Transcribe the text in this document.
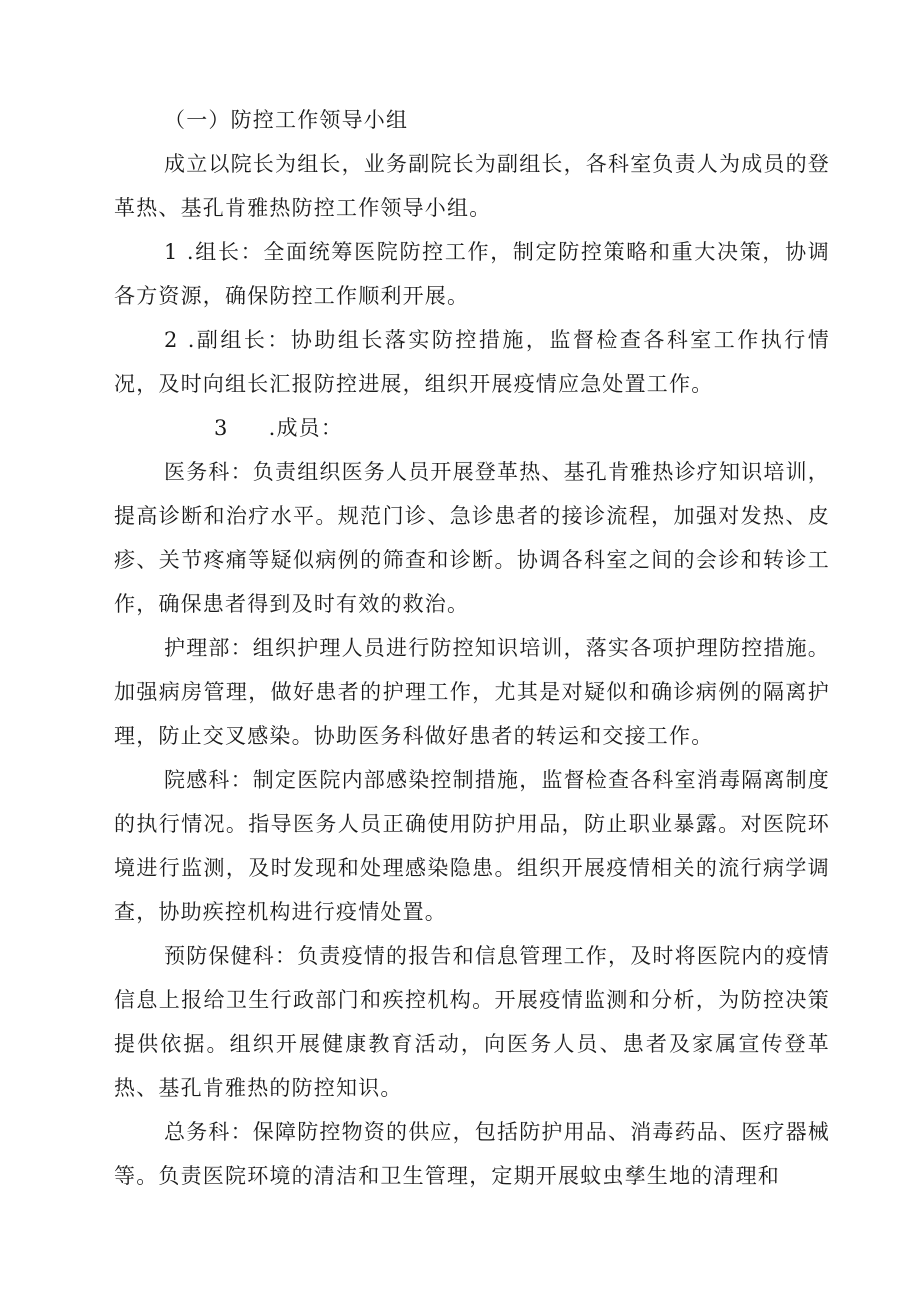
（一）防控工作领导小组

成立以院长为组长，业务副院长为副组长，各科室负责人为成员的登革热、基孔肯雅热防控工作领导小组。

1 .组长：全面统筹医院防控工作，制定防控策略和重大决策，协调各方资源，确保防控工作顺利开展。

2 .副组长：协助组长落实防控措施，监督检查各科室工作执行情况，及时向组长汇报防控进展，组织开展疫情应急处置工作。

3 .成员：

医务科：负责组织医务人员开展登革热、基孔肯雅热诊疗知识培训，提高诊断和治疗水平。规范门诊、急诊患者的接诊流程，加强对发热、皮疹、关节疼痛等疑似病例的筛查和诊断。协调各科室之间的会诊和转诊工作，确保患者得到及时有效的救治。

护理部：组织护理人员进行防控知识培训，落实各项护理防控措施。加强病房管理，做好患者的护理工作，尤其是对疑似和确诊病例的隔离护理，防止交叉感染。协助医务科做好患者的转运和交接工作。

院感科：制定医院内部感染控制措施，监督检查各科室消毒隔离制度的执行情况。指导医务人员正确使用防护用品，防止职业暴露。对医院环境进行监测，及时发现和处理感染隐患。组织开展疫情相关的流行病学调查，协助疾控机构进行疫情处置。

预防保健科：负责疫情的报告和信息管理工作，及时将医院内的疫情信息上报给卫生行政部门和疾控机构。开展疫情监测和分析，为防控决策提供依据。组织开展健康教育活动，向医务人员、患者及家属宣传登革热、基孔肯雅热的防控知识。

总务科：保障防控物资的供应，包括防护用品、消毒药品、医疗器械等。负责医院环境的清洁和卫生管理，定期开展蚊虫孳生地的清理和
